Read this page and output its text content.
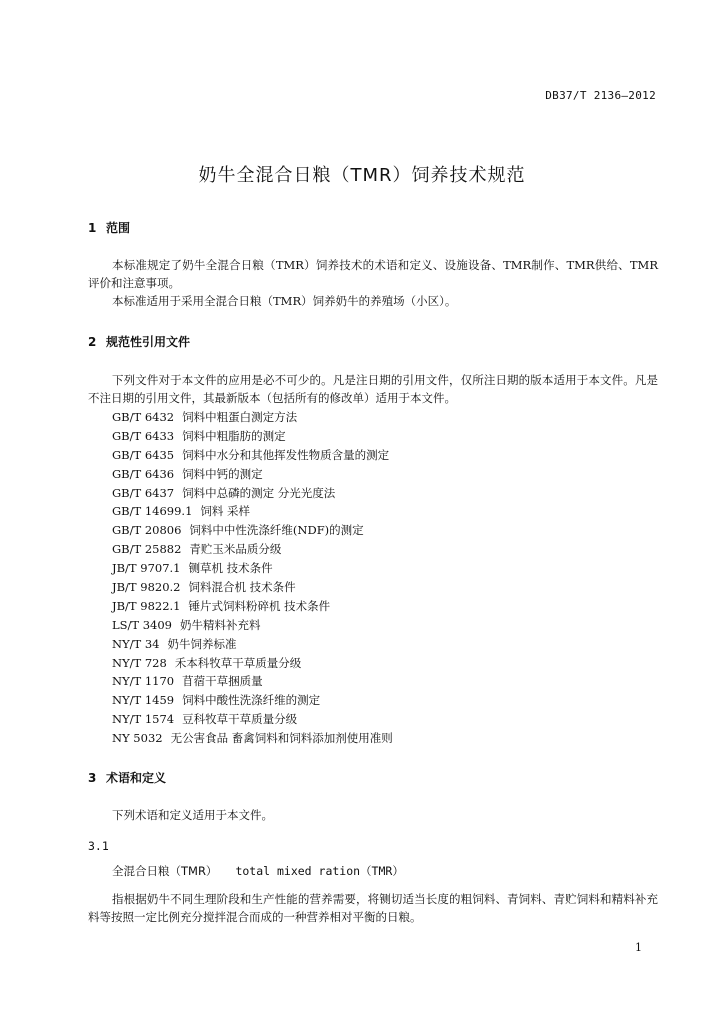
DB37/T 2136—2012
奶牛全混合日粮（TMR）饲养技术规范
1 范围

本标准规定了奶牛全混合日粮（TMR）饲养技术的术语和定义、设施设备、TMR制作、TMR供给、TMR评价和注意事项。

本标准适用于采用全混合日粮（TMR）饲养奶牛的养殖场（小区）。

2 规范性引用文件

下列文件对于本文件的应用是必不可少的。凡是注日期的引用文件，仅所注日期的版本适用于本文件。凡是不注日期的引用文件，其最新版本（包括所有的修改单）适用于本文件。

GB/T 6432 饲料中粗蛋白测定方法
GB/T 6433 饲料中粗脂肪的测定
GB/T 6435 饲料中水分和其他挥发性物质含量的测定
GB/T 6436 饲料中钙的测定
GB/T 6437 饲料中总磷的测定 分光光度法
GB/T 14699.1 饲料 采样
GB/T 20806 饲料中中性洗涤纤维(NDF)的测定
GB/T 25882 青贮玉米品质分级
JB/T 9707.1 铡草机 技术条件
JB/T 9820.2 饲料混合机 技术条件
JB/T 9822.1 锤片式饲料粉碎机 技术条件
LS/T 3409 奶牛精料补充料
NY/T 34 奶牛饲养标准
NY/T 728 禾本科牧草干草质量分级
NY/T 1170 苜蓿干草捆质量
NY/T 1459 饲料中酸性洗涤纤维的测定
NY/T 1574 豆科牧草干草质量分级
NY 5032 无公害食品 畜禽饲料和饲料添加剂使用准则
3 术语和定义

下列术语和定义适用于本文件。

3.1
全混合日粮（TMR） total mixed ration（TMR）

指根据奶牛不同生理阶段和生产性能的营养需要，将铡切适当长度的粗饲料、青饲料、青贮饲料和精料补充料等按照一定比例充分搅拌混合而成的一种营养相对平衡的日粮。

1
